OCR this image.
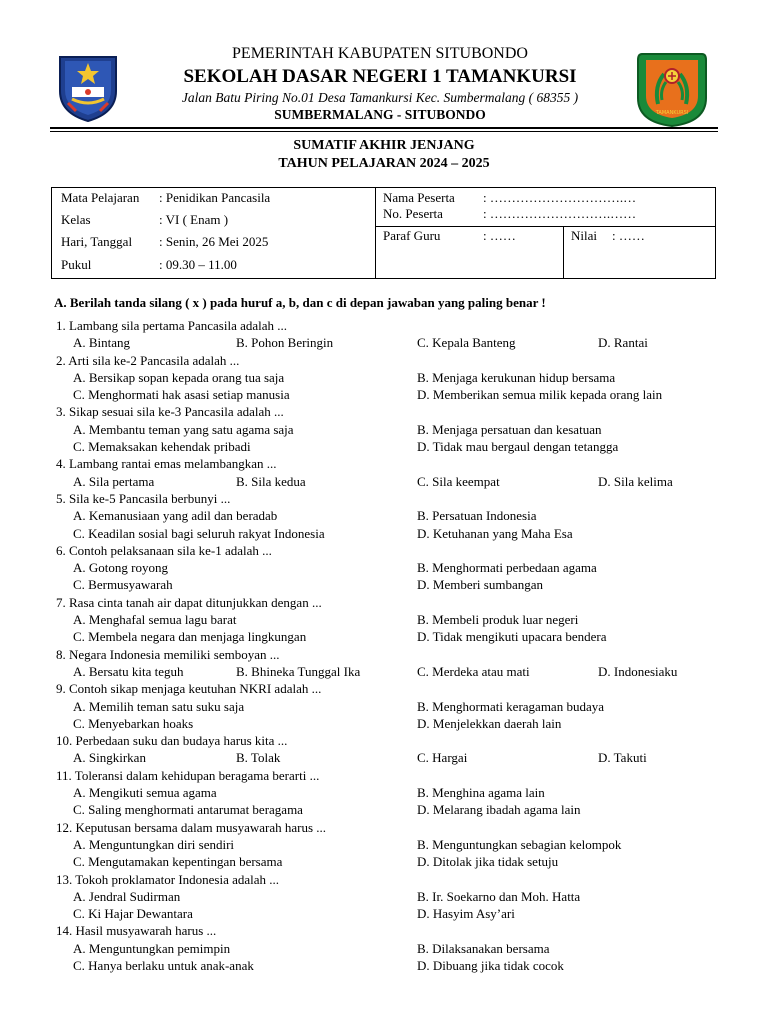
PEMERINTAH KABUPATEN SITUBONDO
SEKOLAH DASAR NEGERI 1 TAMANKURSI
Jalan Batu Piring No.01 Desa Tamankursi Kec. Sumbermalang ( 68355 )
SUMBERMALANG - SITUBONDO	TAMANKURSI
SUMATIF AKHIR JENJANG
TAHUN PELAJARAN 2024 – 2025
Mata Pelajaran : Penidikan Pancasila
Kelas	: VI ( Enam )
Hari, Tanggal : Senin, 26 Mei 2025
Pukul	: 09.30 – 11.00
Nama Peserta : ………………………….…
No. Peserta	: ……………………….……
Paraf Guru	: ……	Nilai : ……
A. Berilah tanda silang ( x ) pada huruf a, b, dan c di depan jawaban yang paling benar !
1. Lambang sila pertama Pancasila adalah ...
A. Bintang	B. Pohon Beringin	C. Kepala Banteng	D. Rantai
2. Arti sila ke-2 Pancasila adalah ...
A. Bersikap sopan kepada orang tua saja	B. Menjaga kerukunan hidup bersama
C. Menghormati hak asasi setiap manusia	D. Memberikan semua milik kepada orang lain
3. Sikap sesuai sila ke-3 Pancasila adalah ...
A. Membantu teman yang satu agama saja	B. Menjaga persatuan dan kesatuan
C. Memaksakan kehendak pribadi	D. Tidak mau bergaul dengan tetangga
4. Lambang rantai emas melambangkan ...
A. Sila pertama	B. Sila kedua	C. Sila keempat	D. Sila kelima
5. Sila ke-5 Pancasila berbunyi ...
A. Kemanusiaan yang adil dan beradab	B. Persatuan Indonesia
C. Keadilan sosial bagi seluruh rakyat Indonesia	D. Ketuhanan yang Maha Esa
6. Contoh pelaksanaan sila ke-1 adalah ...
A. Gotong royong	B. Menghormati perbedaan agama
C. Bermusyawarah	D. Memberi sumbangan
7. Rasa cinta tanah air dapat ditunjukkan dengan ...
A. Menghafal semua lagu barat	B. Membeli produk luar negeri
C. Membela negara dan menjaga lingkungan	D. Tidak mengikuti upacara bendera
8. Negara Indonesia memiliki semboyan ...
A. Bersatu kita teguh	B. Bhineka Tunggal Ika	C. Merdeka atau mati	D. Indonesiaku
9. Contoh sikap menjaga keutuhan NKRI adalah ...
A. Memilih teman satu suku saja	B. Menghormati keragaman budaya
C. Menyebarkan hoaks	D. Menjelekkan daerah lain
10. Perbedaan suku dan budaya harus kita ...
A. Singkirkan	B. Tolak	C. Hargai	D. Takuti
11. Toleransi dalam kehidupan beragama berarti ...
A. Mengikuti semua agama	B. Menghina agama lain
C. Saling menghormati antarumat beragama	D. Melarang ibadah agama lain
12. Keputusan bersama dalam musyawarah harus ...
A. Menguntungkan diri sendiri	B. Menguntungkan sebagian kelompok
C. Mengutamakan kepentingan bersama	D. Ditolak jika tidak setuju
13. Tokoh proklamator Indonesia adalah ...
A. Jendral Sudirman	B. Ir. Soekarno dan Moh. Hatta
C. Ki Hajar Dewantara	D. Hasyim Asy’ari
14. Hasil musyawarah harus ...
A. Menguntungkan pemimpin	B. Dilaksanakan bersama
C. Hanya berlaku untuk anak-anak	D. Dibuang jika tidak cocok
